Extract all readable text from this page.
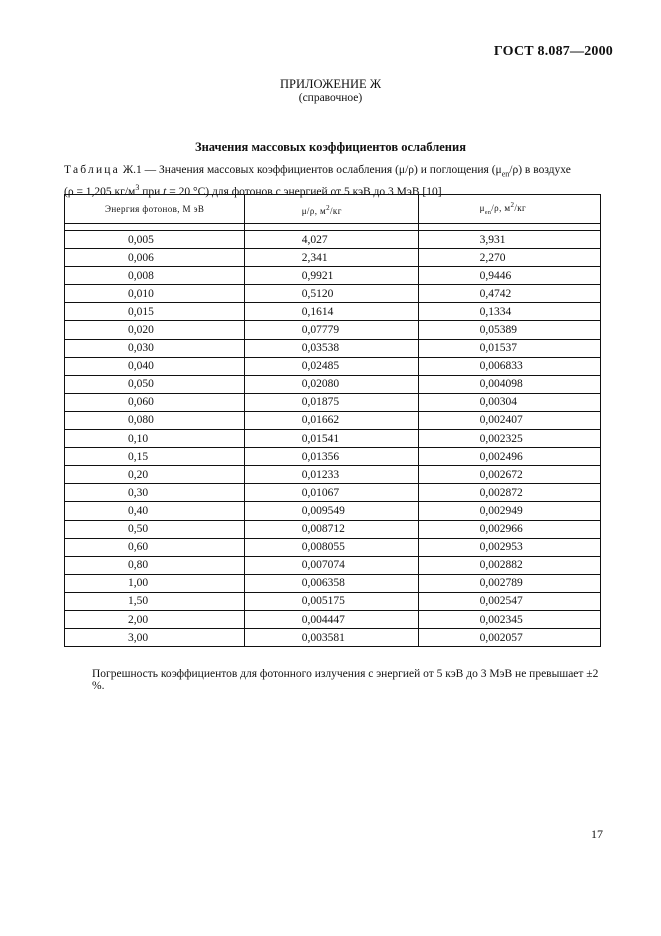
ГОСТ 8.087—2000
ПРИЛОЖЕНИЕ Ж
(справочное)
Значения массовых коэффициентов ослабления
Таблица Ж.1 — Значения массовых коэффициентов ослабления (μ/ρ) и поглощения $(\mu_{en}/\rho)$ в воздухе
(ρ = 1,205 $кг/м^3$ при t = 20 °С) для фотонов с энергией от 5 кэВ до 3 МэВ [10]
Энергия фотонов, М эВ	μ/ρ, $м^2/кг$	$\mu_{en}/\rho$, $м^2/кг$

0,005	4,027	3,931
0,006	2,341	2,270
0,008	0,9921	0,9446
0,010	0,5120	0,4742
0,015	0,1614	0,1334
0,020	0,07779	0,05389
0,030	0,03538	0,01537
0,040	0,02485	0,006833
0,050	0,02080	0,004098
0,060	0,01875	0,00304
0,080	0,01662	0,002407
0,10	0,01541	0,002325
0,15	0,01356	0,002496
0,20	0,01233	0,002672
0,30	0,01067	0,002872
0,40	0,009549	0,002949
0,50	0,008712	0,002966
0,60	0,008055	0,002953
0,80	0,007074	0,002882
1,00	0,006358	0,002789
1,50	0,005175	0,002547
2,00	0,004447	0,002345
3,00	0,003581	0,002057
Погрешность коэффициентов для фотонного излучения с энергией от 5 кэВ до 3 МэВ не превышает ±2 %.
17
